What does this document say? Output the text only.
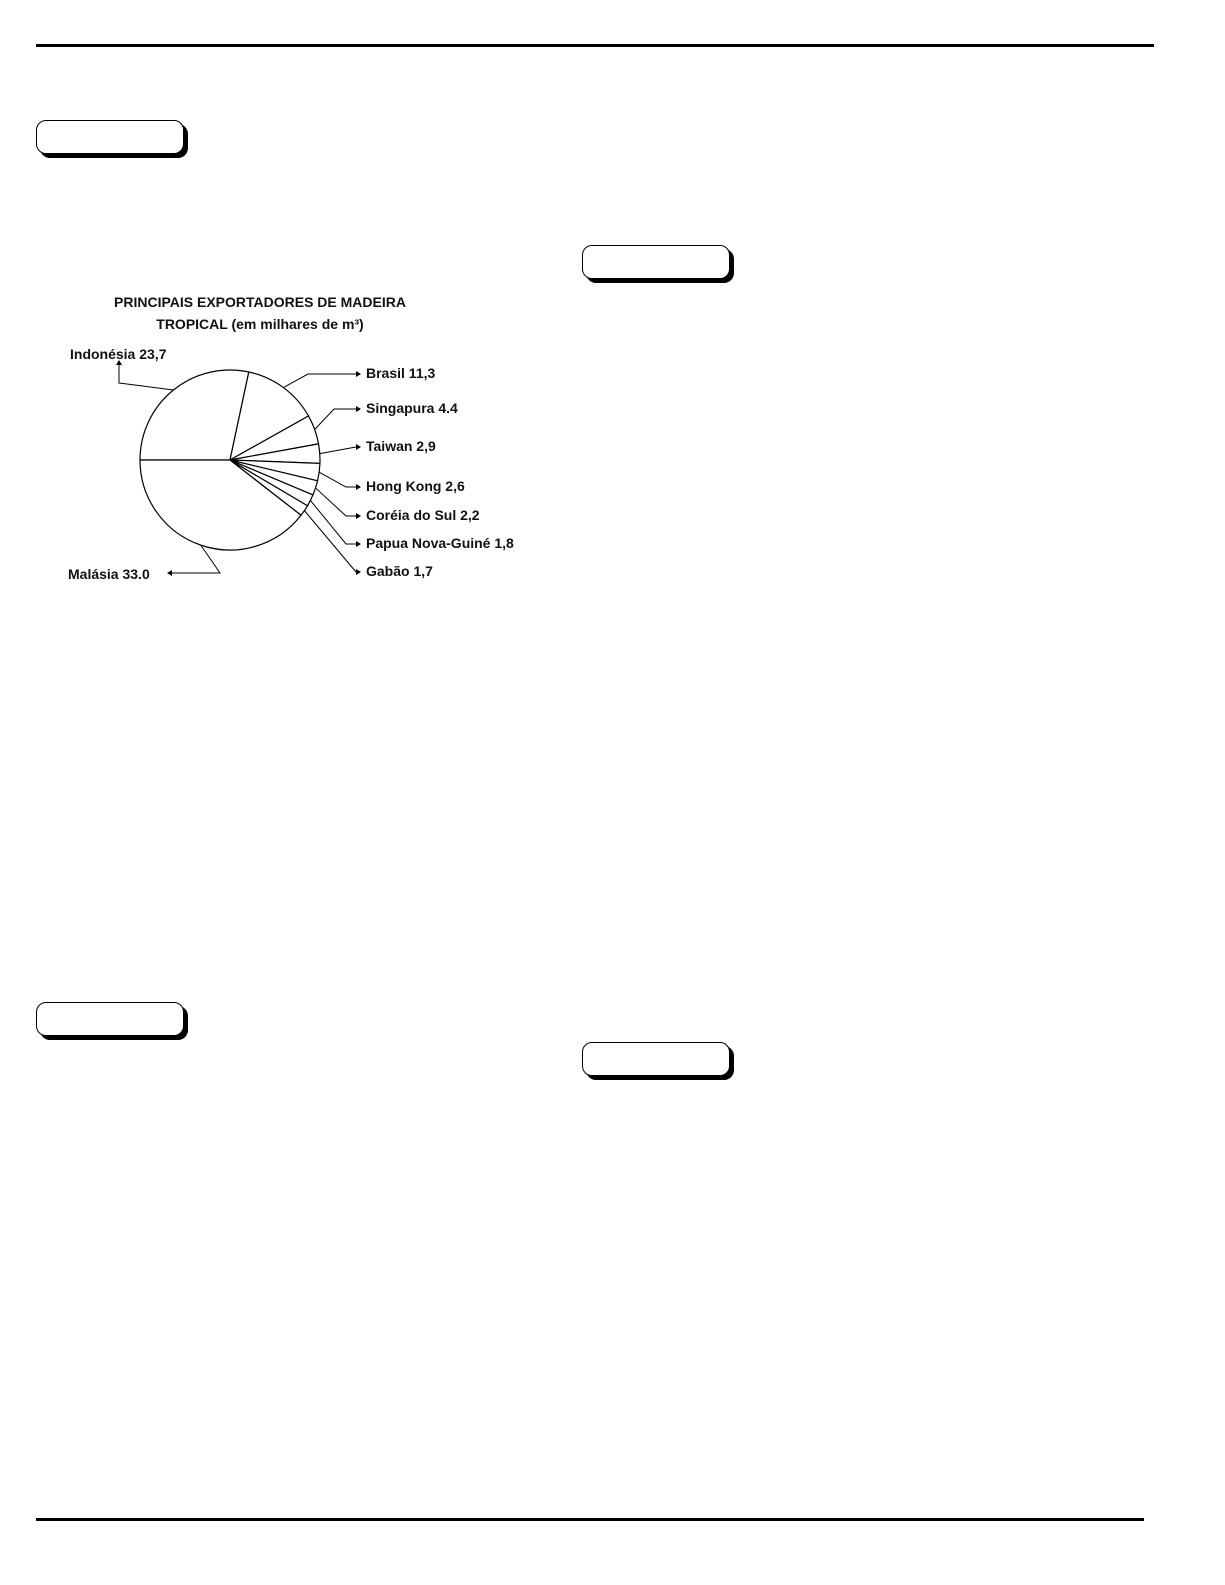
PRINCIPAIS EXPORTADORES DE MADEIRA
TROPICAL (em milhares de m³)
Indonésia 23,7
Brasil 11,3
Singapura 4.4
Taiwan 2,9
Hong Kong 2,6
Coréia do Sul 2,2
Papua Nova-Guiné 1,8
Gabão 1,7
Malásia 33.0
